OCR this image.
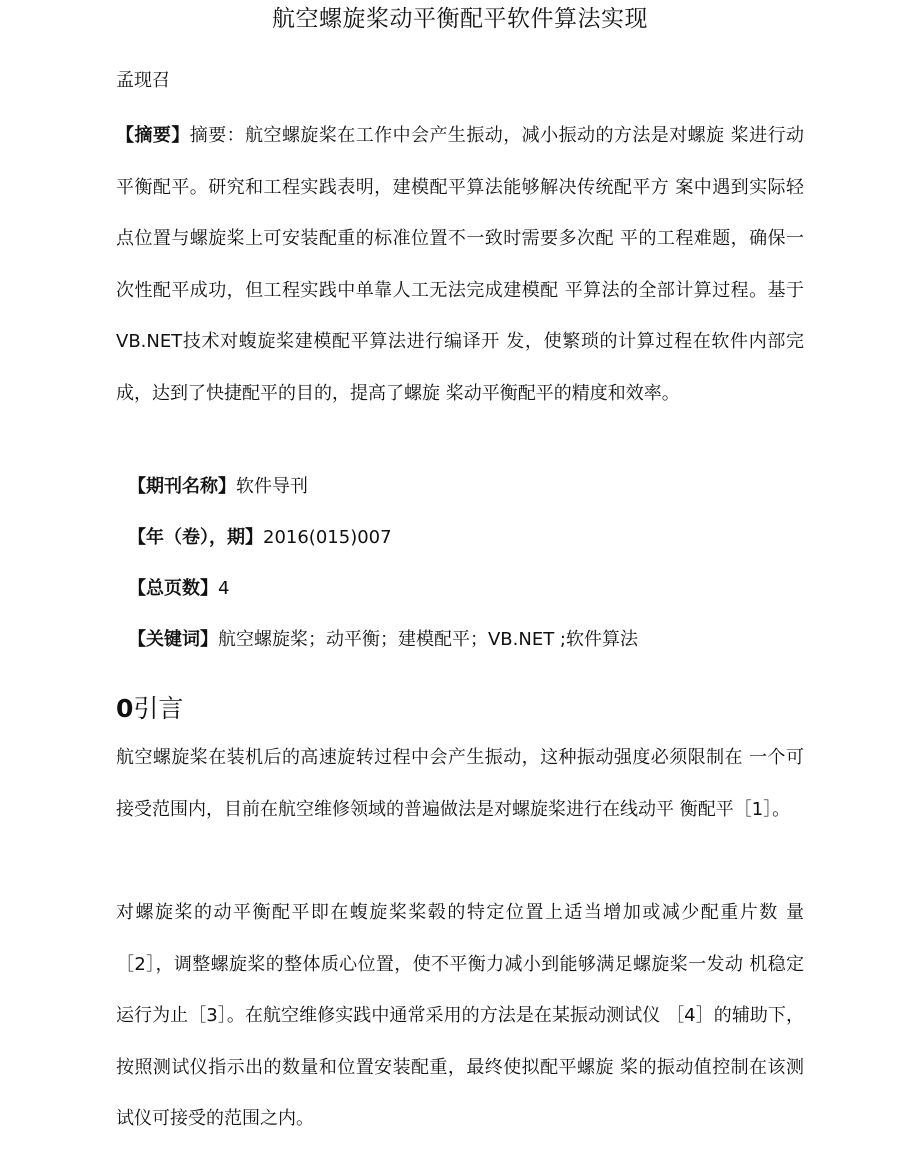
航空螺旋桨动平衡配平软件算法实现
孟现召

【摘要】摘要：航空螺旋桨在工作中会产生振动，减小振动的方法是对螺旋 桨进行动平衡配平。研究和工程实践表明，建模配平算法能够解决传统配平方 案中遇到实际轻点位置与螺旋桨上可安装配重的标准位置不一致时需要多次配 平的工程难题，确保一次性配平成功，但工程实践中单靠人工无法完成建模配 平算法的全部计算过程。基于VB.NET技术对蝮旋桨建模配平算法进行编译开 发，使繁琐的计算过程在软件内部完成，达到了快捷配平的目的，提高了螺旋 桨动平衡配平的精度和效率。

【期刊名称】软件导刊
【年（卷），期】2016(015)007
【总页数】4
【关键词】航空螺旋桨；动平衡；建模配平；VB.NET ;软件算法
0引言

航空螺旋桨在装机后的高速旋转过程中会产生振动，这种振动强度必须限制在 一个可接受范围内，目前在航空维修领域的普遍做法是对螺旋桨进行在线动平 衡配平［1］。

对螺旋桨的动平衡配平即在蝮旋桨桨毂的特定位置上适当增加或减少配重片数 量［2］，调整螺旋桨的整体质心位置，使不平衡力减小到能够满足螺旋桨一发动 机稳定运行为止［3］。在航空维修实践中通常采用的方法是在某振动测试仪 ［4］的辅助下，按照测试仪指示出的数量和位置安装配重，最终使拟配平螺旋 桨的振动值控制在该测试仪可接受的范围之内。
